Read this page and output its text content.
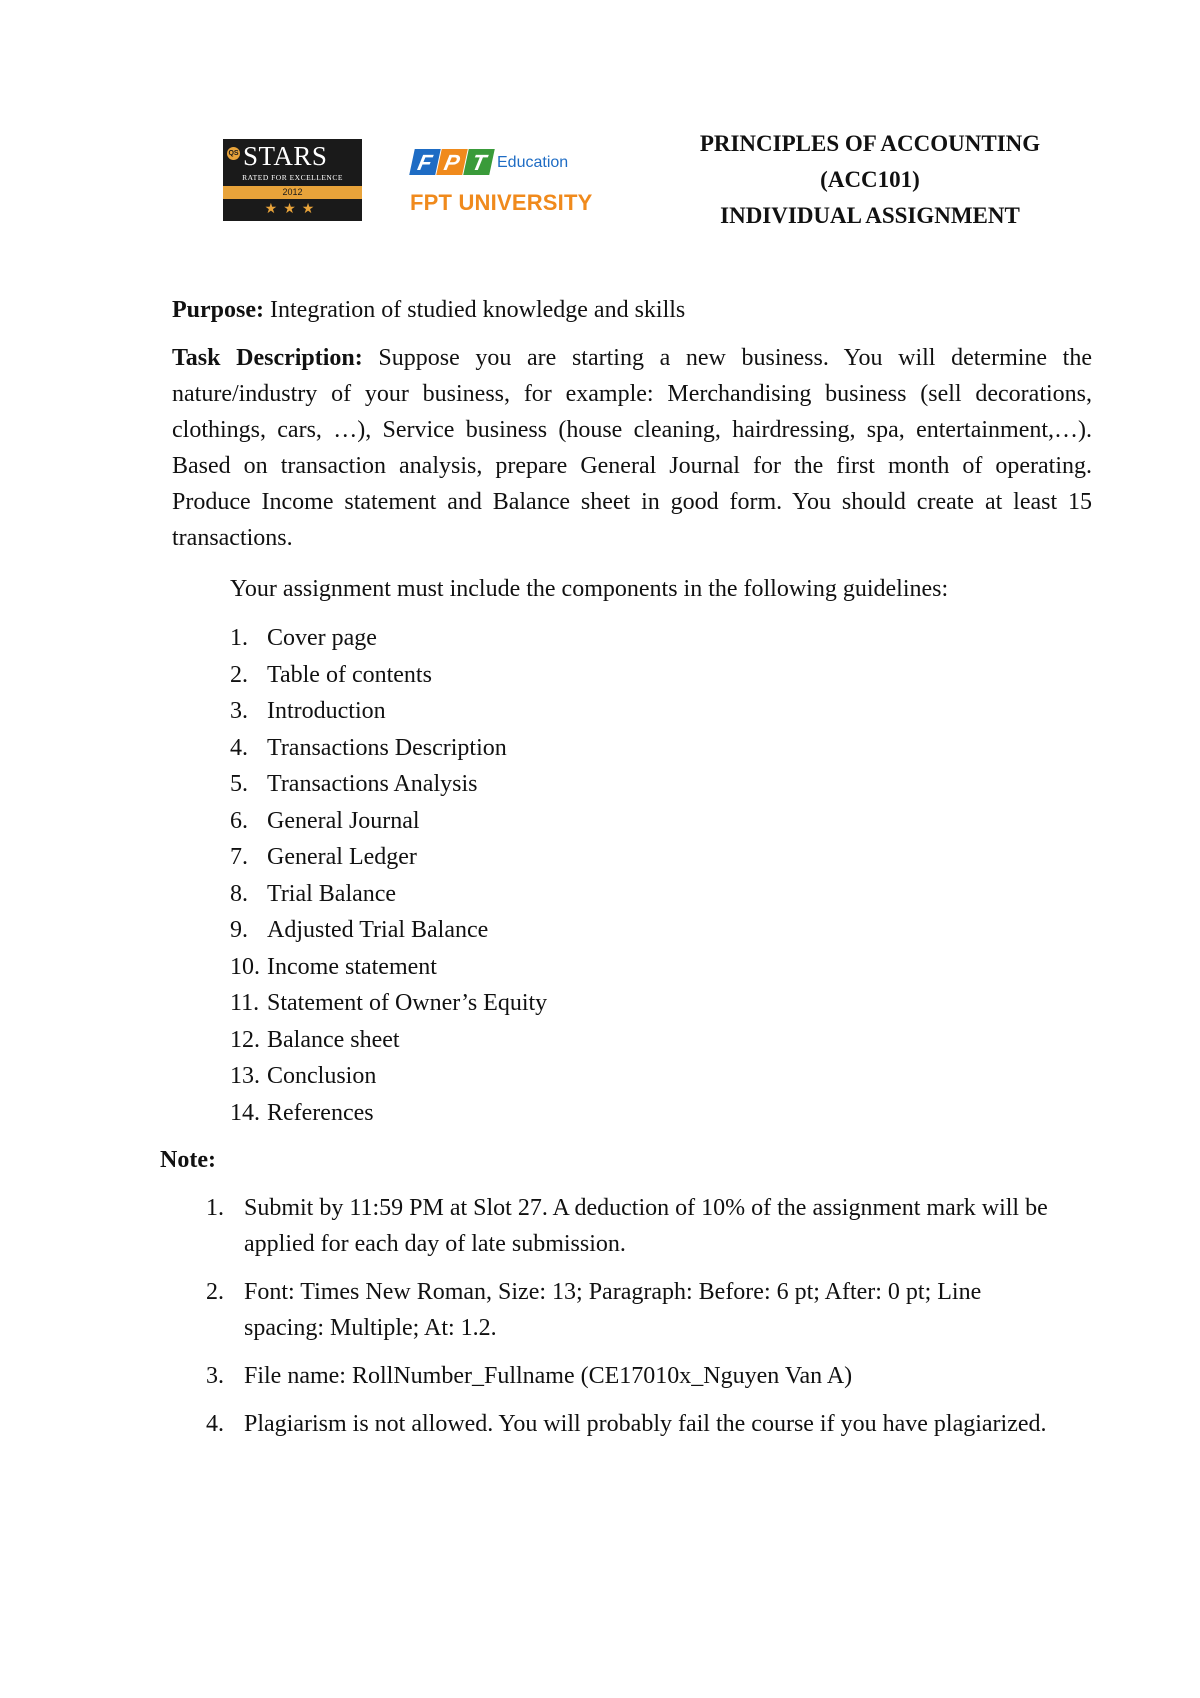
QS STARS
RATED FOR EXCELLENCE
2012
★★★
F P T Education
FPT UNIVERSITY
PRINCIPLES OF ACCOUNTING
(ACC101)
INDIVIDUAL ASSIGNMENT
Purpose: Integration of studied knowledge and skills
Task Description: Suppose you are starting a new business. You will determine the nature/industry of your business, for example: Merchandising business (sell decorations, clothings, cars, …), Service business (house cleaning, hairdressing, spa, entertainment,…). Based on transaction analysis, prepare General Journal for the first month of operating. Produce Income statement and Balance sheet in good form. You should create at least 15 transactions.
Your assignment must include the components in the following guidelines:
1. Cover page
2. Table of contents
3. Introduction
4. Transactions Description
5. Transactions Analysis
6. General Journal
7. General Ledger
8. Trial Balance
9. Adjusted Trial Balance
10. Income statement
11. Statement of Owner’s Equity
12. Balance sheet
13. Conclusion
14. References
Note:
1. Submit by 11:59 PM at Slot 27. A deduction of 10% of the assignment mark will be applied for each day of late submission.
2. Font: Times New Roman, Size: 13; Paragraph: Before: 6 pt; After: 0 pt; Line spacing: Multiple; At: 1.2.
3. File name: RollNumber_Fullname (CE17010x_Nguyen Van A)
4. Plagiarism is not allowed. You will probably fail the course if you have plagiarized.
